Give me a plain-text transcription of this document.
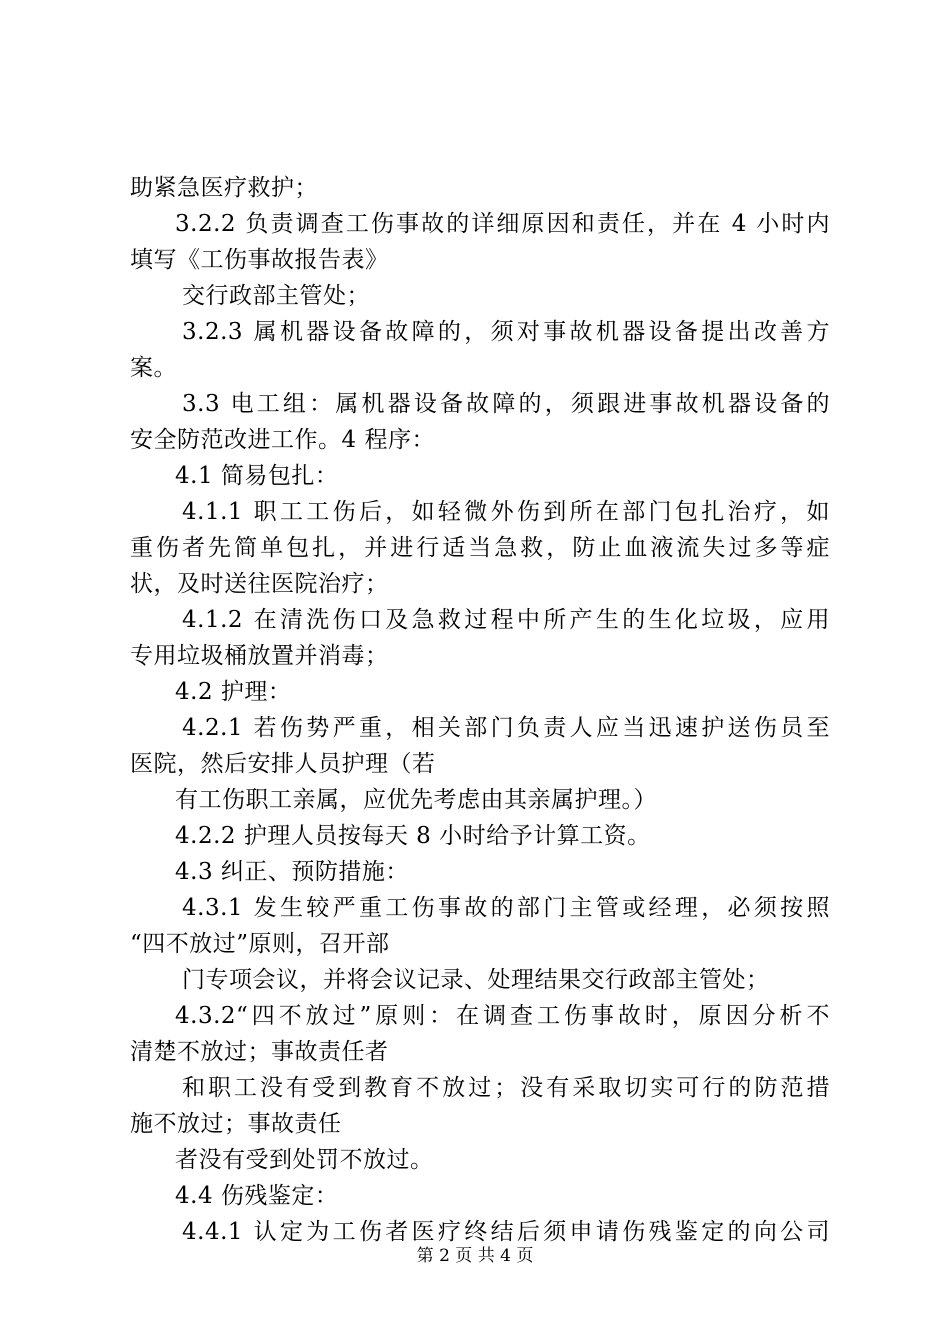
助紧急医疗救护；
3.2.2 负责调查工伤事故的详细原因和责任，并在 4 小时内
填写《工伤事故报告表》
交行政部主管处；
3.2.3 属机器设备故障的，须对事故机器设备提出改善方
案。
3.3 电工组：属机器设备故障的，须跟进事故机器设备的
安全防范改进工作。4 程序：
4.1 简易包扎：
4.1.1 职工工伤后，如轻微外伤到所在部门包扎治疗，如
重伤者先简单包扎，并进行适当急救，防止血液流失过多等症
状，及时送往医院治疗；
4.1.2 在清洗伤口及急救过程中所产生的生化垃圾，应用
专用垃圾桶放置并消毒；
4.2 护理：
4.2.1 若伤势严重，相关部门负责人应当迅速护送伤员至
医院，然后安排人员护理（若
有工伤职工亲属，应优先考虑由其亲属护理。）
4.2.2 护理人员按每天 8 小时给予计算工资。
4.3 纠正、预防措施：
4.3.1 发生较严重工伤事故的部门主管或经理，必须按照
“四不放过”原则，召开部
门专项会议，并将会议记录、处理结果交行政部主管处；
4.3.2“四不放过”原则：在调查工伤事故时，原因分析不
清楚不放过；事故责任者
和职工没有受到教育不放过；没有采取切实可行的防范措
施不放过；事故责任
者没有受到处罚不放过。
4.4 伤残鉴定：
4.4.1 认定为工伤者医疗终结后须申请伤残鉴定的向公司
第 2 页 共 4 页
